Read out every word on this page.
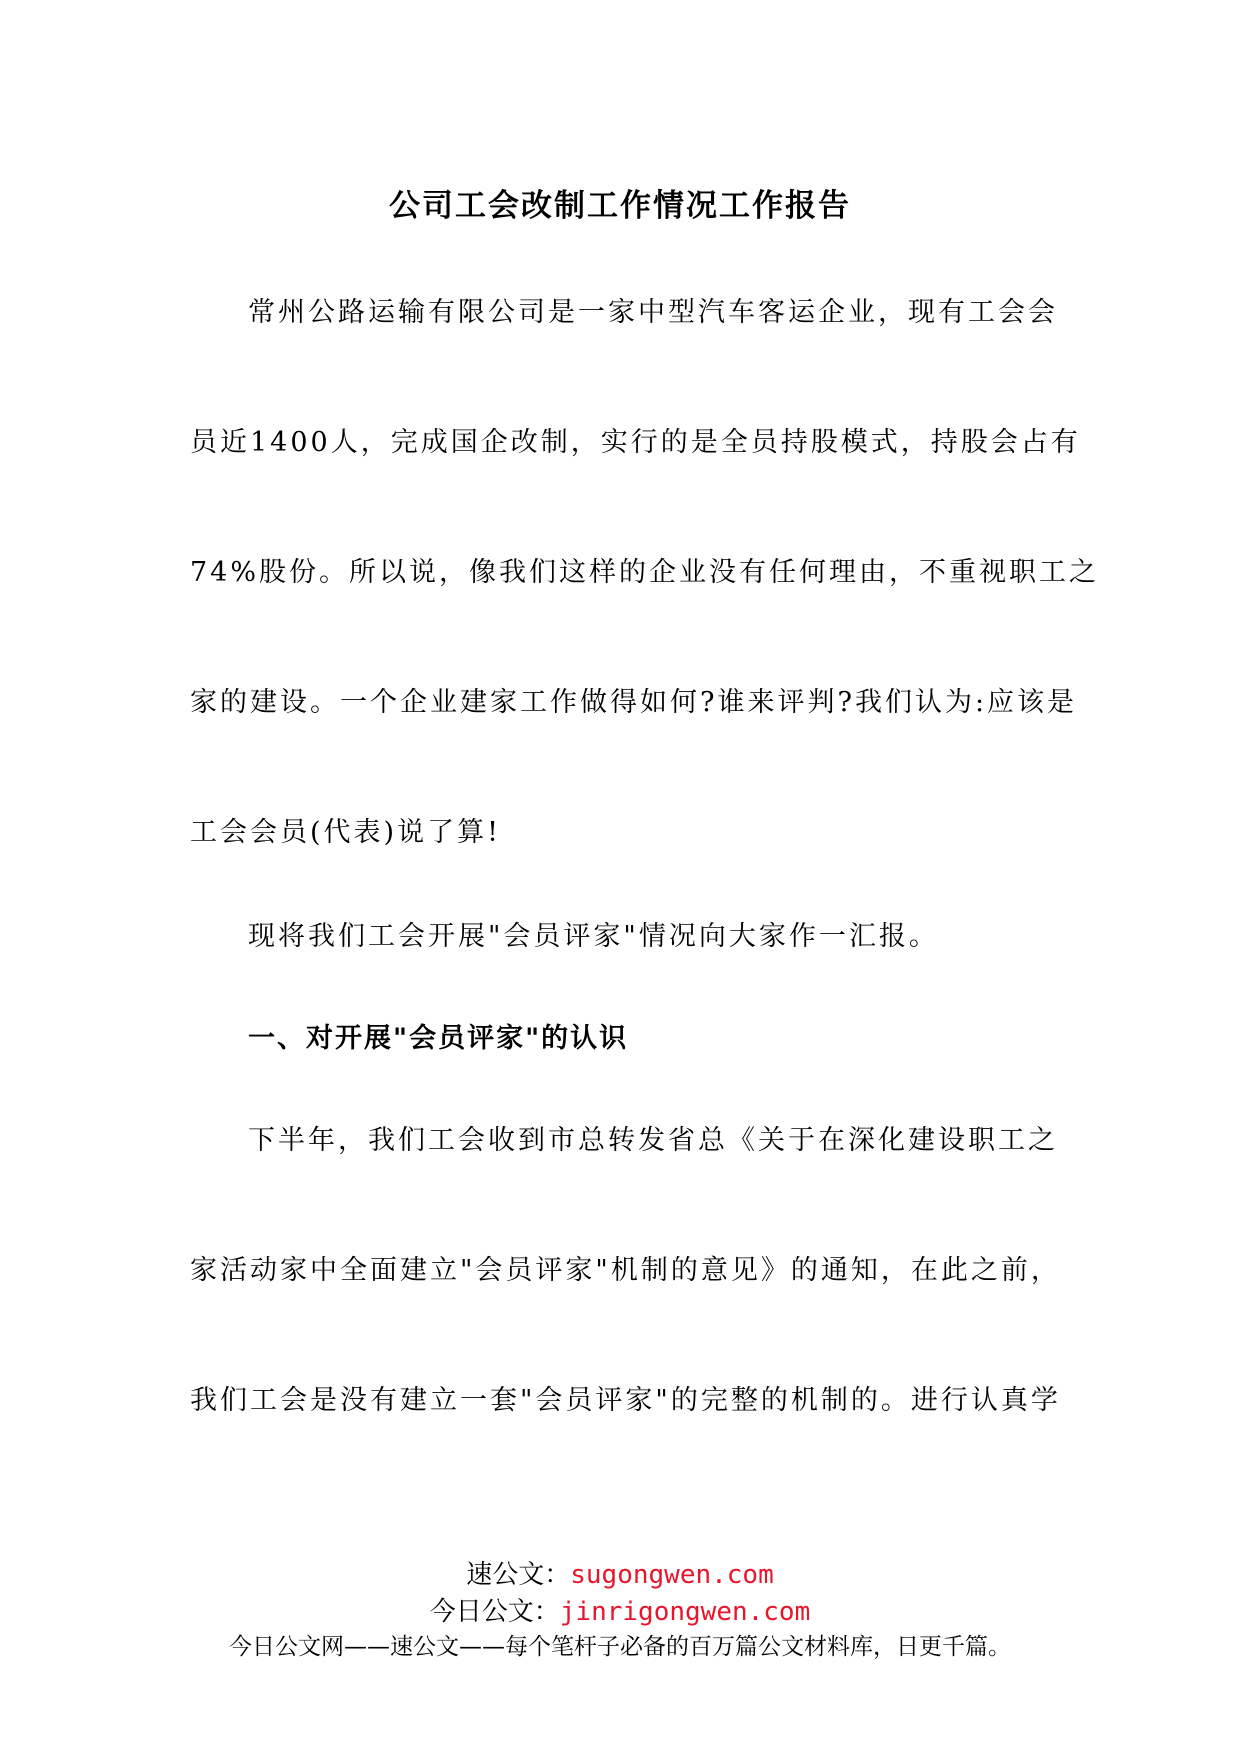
公司工会改制工作情况工作报告

常州公路运输有限公司是一家中型汽车客运企业，现有工会会

员近1400人，完成国企改制，实行的是全员持股模式，持股会占有

74%股份。所以说，像我们这样的企业没有任何理由，不重视职工之

家的建设。一个企业建家工作做得如何?谁来评判?我们认为:应该是

工会会员(代表)说了算!

现将我们工会开展"会员评家"情况向大家作一汇报。

一、对开展"会员评家"的认识

下半年，我们工会收到市总转发省总《关于在深化建设职工之

家活动家中全面建立"会员评家"机制的意见》的通知，在此之前，

我们工会是没有建立一套"会员评家"的完整的机制的。进行认真学

速公文：sugongwen.com

今日公文：jinrigongwen.com

今日公文网——速公文——每个笔杆子必备的百万篇公文材料库，日更千篇。
